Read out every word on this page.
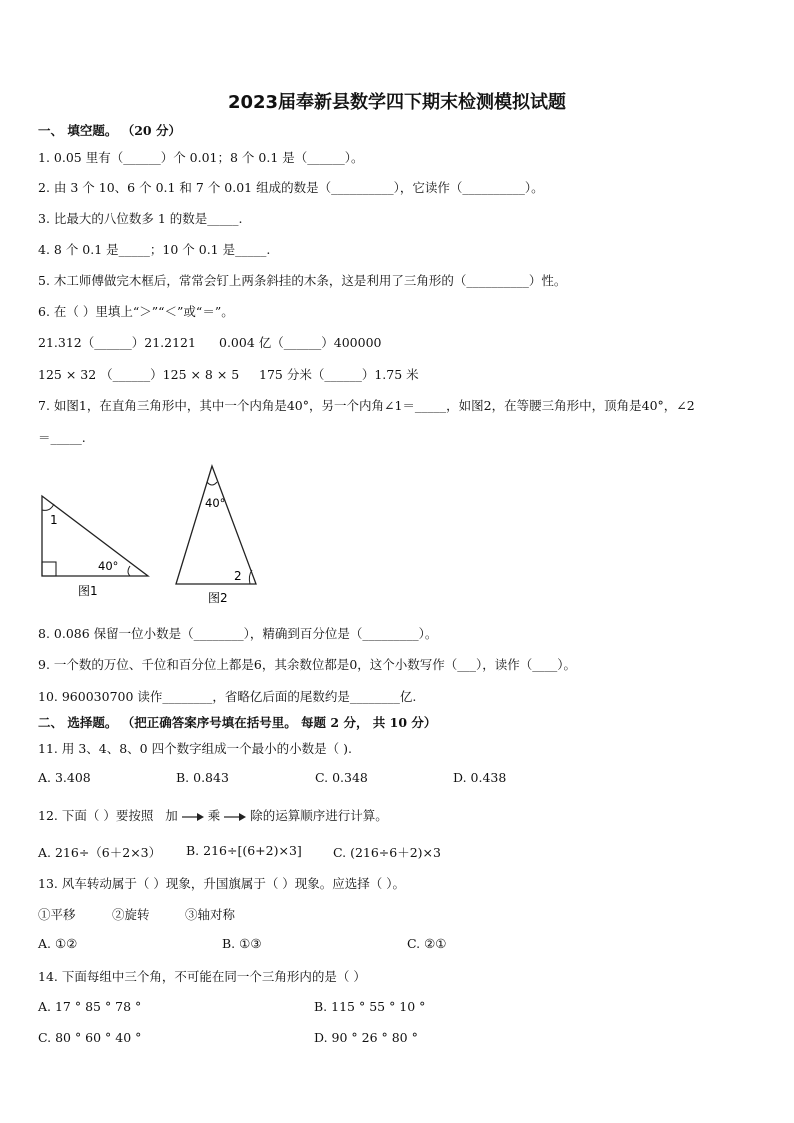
2023届奉新县数学四下期末检测模拟试题
一、 填空题。 （20 分）
1. 0.05 里有（______）个 0.01；8 个 0.1 是（______）。
2. 由 3 个 10、6 个 0.1 和 7 个 0.01 组成的数是（__________），它读作（__________）。
3. 比最大的八位数多 1 的数是_____.
4. 8 个 0.1 是_____；10 个 0.1 是_____.
5. 木工师傅做完木框后，常常会钉上两条斜挂的木条，这是利用了三角形的（__________）性。
6. 在（ ）里填上“＞”“＜”或“＝”。
21.312（______）21.2121 0.004 亿（______）400000
125 × 32 （______）125 × 8 × 5 175 分米（______）1.75 米
7. 如图1，在直角三角形中，其中一个内角是40°，另一个内角∠1＝_____，如图2，在等腰三角形中，顶角是40°，∠2
＝_____.
1
40°
图1
40°
2
图2
8. 0.086 保留一位小数是（________），精确到百分位是（_________）。
9. 一个数的万位、千位和百分位上都是6，其余数位都是0，这个小数写作（___），读作（____）。
10. 960030700 读作________，省略亿后面的尾数约是________亿.
二、 选择题。 （把正确答案序号填在括号里。 每题 2 分， 共 10 分）
11. 用 3、4、8、0 四个数字组成一个最小的小数是（ ).
A. 3.408	B. 0.843	C. 0.348	D. 0.438
12. 下面（ ）要按照 加 乘 除的运算顺序进行计算。
A. 216÷（6＋2×3） B. 216÷[(6+2)×3] C. (216÷6＋2)×3
13. 风车转动属于（ ）现象，升国旗属于（ ）现象。应选择（ ）。
①平移	②旋转	③轴对称
A. ①②	B. ①③	C. ②①
14. 下面每组中三个角，不可能在同一个三角形内的是（ ）
A. 17 ° 85 ° 78 °	B. 115 ° 55 ° 10 °
C. 80 ° 60 ° 40 °	D. 90 ° 26 ° 80 °
